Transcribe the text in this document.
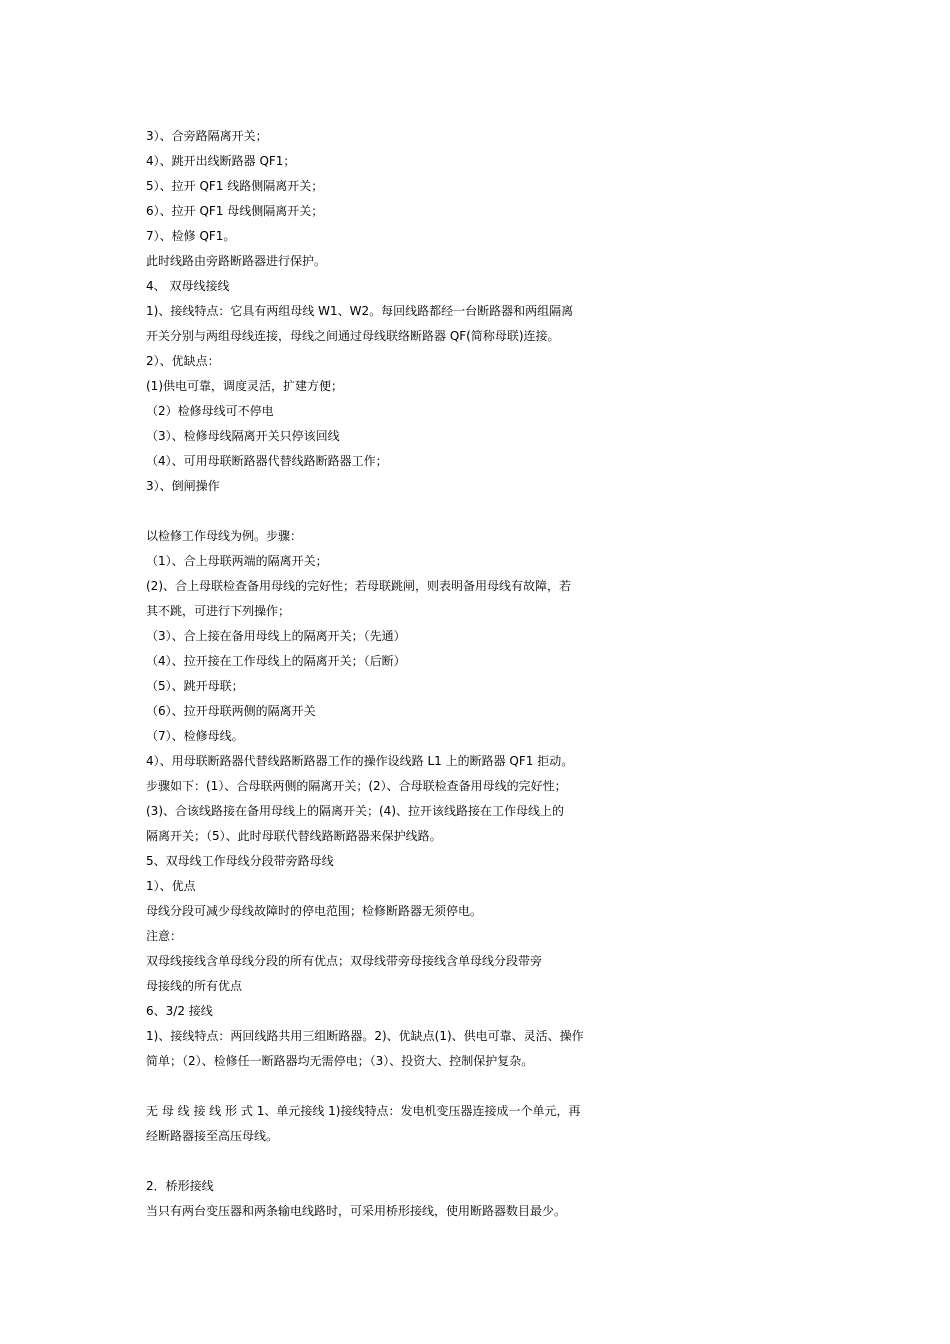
3）、合旁路隔离开关；

4）、跳开出线断路器 QF1；

5）、拉开 QF1 线路侧隔离开关；

6）、拉开 QF1 母线侧隔离开关；

7）、检修 QF1。

此时线路由旁路断路器进行保护。

4、 双母线接线

1)、接线特点：它具有两组母线 W1、W2。每回线路都经一台断路器和两组隔离

开关分别与两组母线连接，母线之间通过母线联络断路器 QF(简称母联)连接。

2）、优缺点：

(1)供电可靠，调度灵活，扩建方便；

（2）检修母线可不停电

（3）、检修母线隔离开关只停该回线

（4）、可用母联断路器代替线路断路器工作；

3）、倒闸操作

以检修工作母线为例。步骤：

（1）、合上母联两端的隔离开关；

(2)、合上母联检查备用母线的完好性；若母联跳闸，则表明备用母线有故障，若

其不跳，可进行下列操作；

（3）、合上接在备用母线上的隔离开关；（先通）

（4）、拉开接在工作母线上的隔离开关；（后断）

（5）、跳开母联；

（6）、拉开母联两侧的隔离开关

（7）、检修母线。

4）、用母联断路器代替线路断路器工作的操作设线路 L1 上的断路器 QF1 拒动。

步骤如下：(1）、合母联两侧的隔离开关；(2）、合母联检查备用母线的完好性；

(3)、合该线路接在备用母线上的隔离开关；(4)、拉开该线路接在工作母线上的

隔离开关；（5）、此时母联代替线路断路器来保护线路。

5、双母线工作母线分段带旁路母线

1）、优点

母线分段可减少母线故障时的停电范围；检修断路器无须停电。

注意：

双母线接线含单母线分段的所有优点；双母线带旁母接线含单母线分段带旁

母接线的所有优点

6、3/2 接线

1)、接线特点：两回线路共用三组断路器。2)、优缺点(1)、供电可靠、灵活、操作

简单；（2）、检修任一断路器均无需停电；（3）、投资大、控制保护复杂。

无 母 线 接 线 形 式 1、单元接线 1)接线特点：发电机变压器连接成一个单元，再

经断路器接至高压母线。

2．桥形接线

当只有两台变压器和两条输电线路时，可采用桥形接线，使用断路器数目最少。
